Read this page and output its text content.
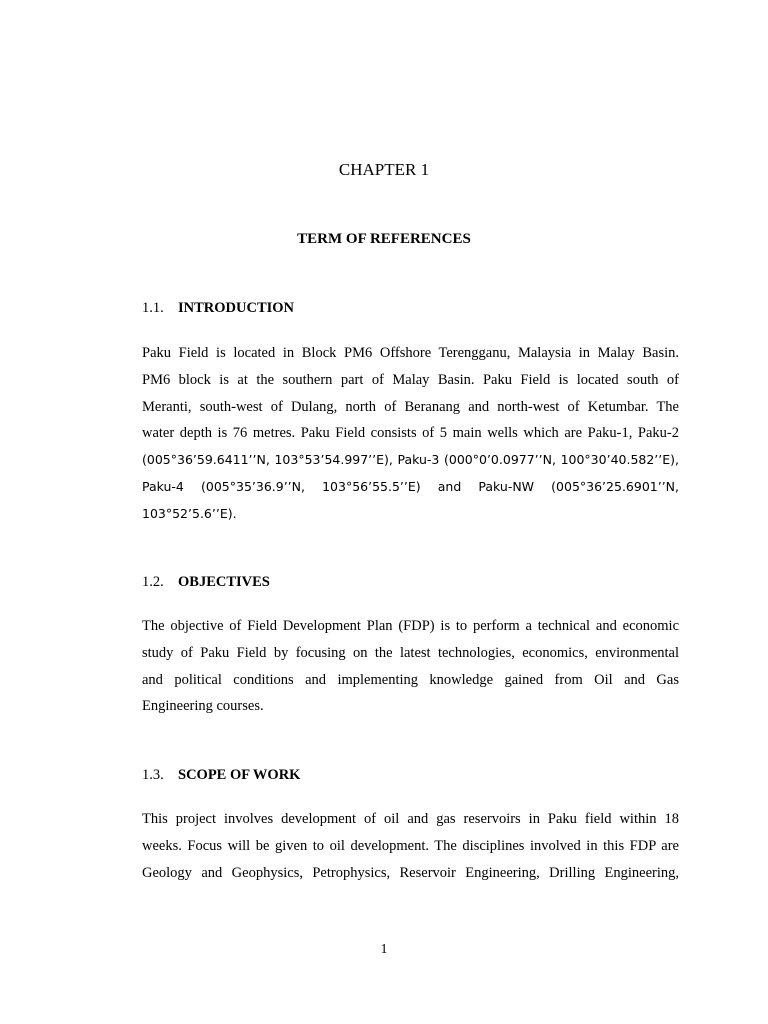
CHAPTER 1
TERM OF REFERENCES
1.1. INTRODUCTION
Paku Field is located in Block PM6 Offshore Terengganu, Malaysia in Malay Basin.
PM6 block is at the southern part of Malay Basin. Paku Field is located south of
Meranti, south-west of Dulang, north of Beranang and north-west of Ketumbar. The
water depth is 76 metres. Paku Field consists of 5 main wells which are Paku-1, Paku-2
(005°36’59.6411’’N, 103°53’54.997’’E), Paku-3 (000°0’0.0977’’N, 100°30’40.582’’E),
Paku-4 (005°35’36.9’’N, 103°56’55.5’’E) and Paku-NW (005°36’25.6901’’N,
103°52’5.6’’E).
1.2. OBJECTIVES
The objective of Field Development Plan (FDP) is to perform a technical and economic
study of Paku Field by focusing on the latest technologies, economics, environmental
and political conditions and implementing knowledge gained from Oil and Gas
Engineering courses.
1.3. SCOPE OF WORK
This project involves development of oil and gas reservoirs in Paku field within 18
weeks. Focus will be given to oil development. The disciplines involved in this FDP are
Geology and Geophysics, Petrophysics, Reservoir Engineering, Drilling Engineering,
1
